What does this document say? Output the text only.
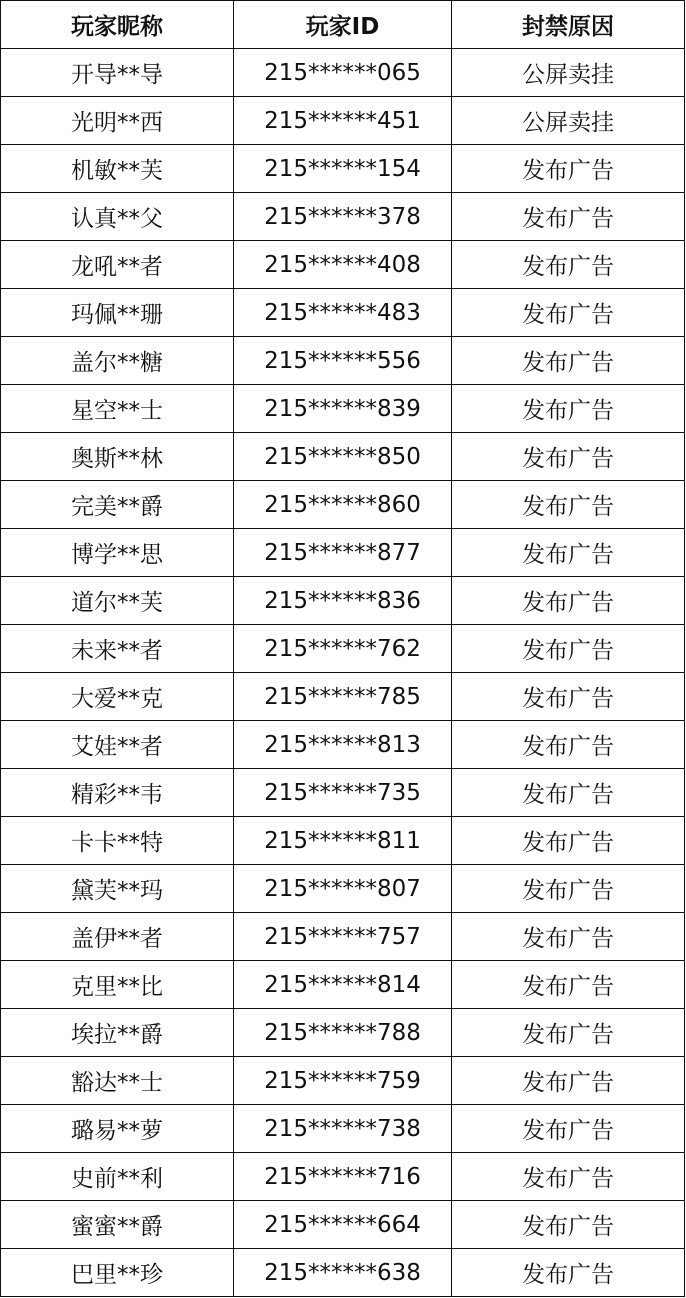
玩家昵称	玩家ID	封禁原因
开导**导	215******065	公屏卖挂
光明**西	215******451	公屏卖挂
机敏**芙	215******154	发布广告
认真**父	215******378	发布广告
龙吼**者	215******408	发布广告
玛佩**珊	215******483	发布广告
盖尔**糖	215******556	发布广告
星空**士	215******839	发布广告
奥斯**林	215******850	发布广告
完美**爵	215******860	发布广告
博学**思	215******877	发布广告
道尔**芙	215******836	发布广告
未来**者	215******762	发布广告
大爱**克	215******785	发布广告
艾娃**者	215******813	发布广告
精彩**韦	215******735	发布广告
卡卡**特	215******811	发布广告
黛芙**玛	215******807	发布广告
盖伊**者	215******757	发布广告
克里**比	215******814	发布广告
埃拉**爵	215******788	发布广告
豁达**士	215******759	发布广告
璐易**萝	215******738	发布广告
史前**利	215******716	发布广告
蜜蜜**爵	215******664	发布广告
巴里**珍	215******638	发布广告
